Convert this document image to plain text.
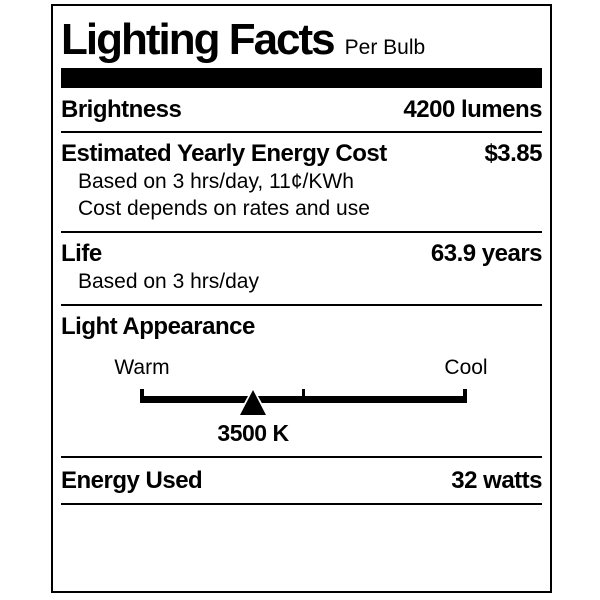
Lighting Facts Per Bulb
Brightness	4200 lumens
Estimated Yearly Energy Cost	$3.85
Based on 3 hrs/day, 11¢/KWh
Cost depends on rates and use
Life	63.9 years
Based on 3 hrs/day
Light Appearance
Warm	Cool
3500 K
Energy Used	32 watts
